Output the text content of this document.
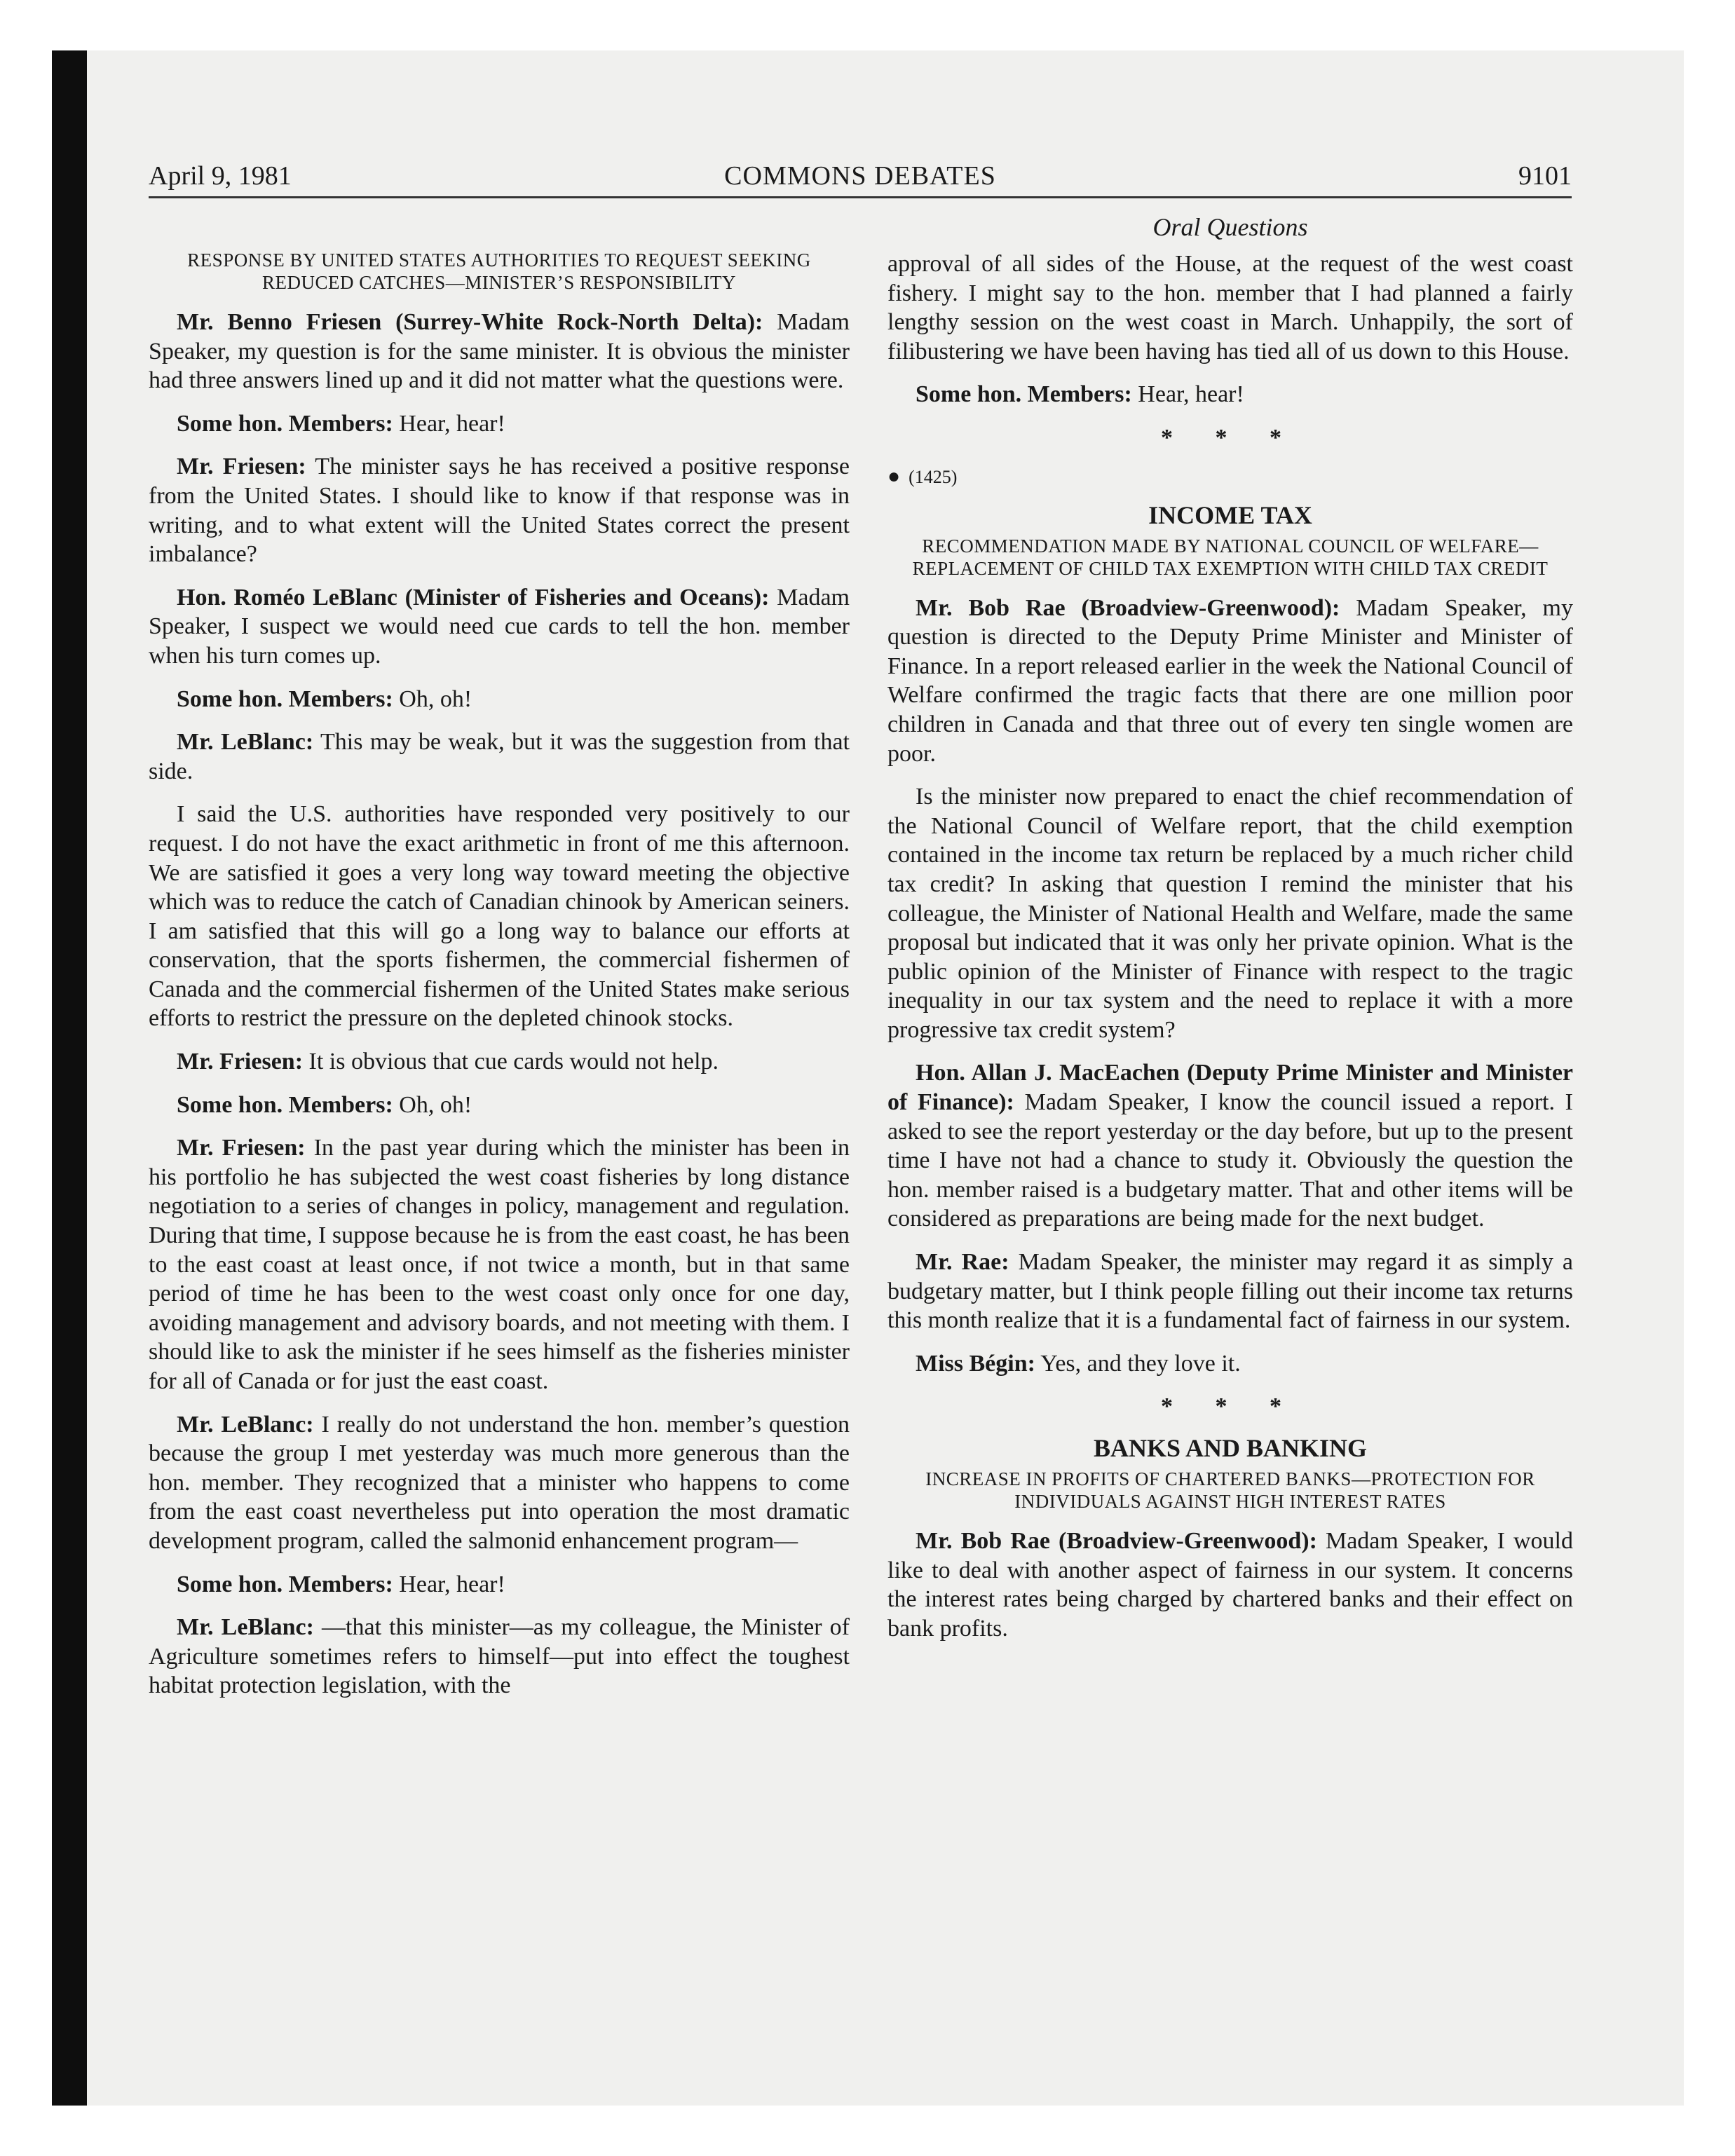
April 9, 1981	COMMONS DEBATES	9101
RESPONSE BY UNITED STATES AUTHORITIES TO REQUEST SEEKING REDUCED CATCHES—MINISTER’S RESPONSIBILITY

Mr. Benno Friesen (Surrey-White Rock-North Delta): Madam Speaker, my question is for the same minister. It is obvious the minister had three answers lined up and it did not matter what the questions were.

Some hon. Members: Hear, hear!

Mr. Friesen: The minister says he has received a positive response from the United States. I should like to know if that response was in writing, and to what extent will the United States correct the present imbalance?

Hon. Roméo LeBlanc (Minister of Fisheries and Oceans): Madam Speaker, I suspect we would need cue cards to tell the hon. member when his turn comes up.

Some hon. Members: Oh, oh!

Mr. LeBlanc: This may be weak, but it was the suggestion from that side.

I said the U.S. authorities have responded very positively to our request. I do not have the exact arithmetic in front of me this afternoon. We are satisfied it goes a very long way toward meeting the objective which was to reduce the catch of Canadian chinook by American seiners. I am satisfied that this will go a long way to balance our efforts at conservation, that the sports fishermen, the commercial fishermen of Canada and the commercial fishermen of the United States make serious efforts to restrict the pressure on the depleted chinook stocks.

Mr. Friesen: It is obvious that cue cards would not help.

Some hon. Members: Oh, oh!

Mr. Friesen: In the past year during which the minister has been in his portfolio he has subjected the west coast fisheries by long distance negotiation to a series of changes in policy, management and regulation. During that time, I suppose because he is from the east coast, he has been to the east coast at least once, if not twice a month, but in that same period of time he has been to the west coast only once for one day, avoiding management and advisory boards, and not meeting with them. I should like to ask the minister if he sees himself as the fisheries minister for all of Canada or for just the east coast.

Mr. LeBlanc: I really do not understand the hon. member’s question because the group I met yesterday was much more generous than the hon. member. They recognized that a minister who happens to come from the east coast nevertheless put into operation the most dramatic development program, called the salmonid enhancement program—

Some hon. Members: Hear, hear!

Mr. LeBlanc: —that this minister—as my colleague, the Minister of Agriculture sometimes refers to himself—put into effect the toughest habitat protection legislation, with the

Oral Questions

approval of all sides of the House, at the request of the west coast fishery. I might say to the hon. member that I had planned a fairly lengthy session on the west coast in March. Unhappily, the sort of filibustering we have been having has tied all of us down to this House.

Some hon. Members: Hear, hear!

* * *
● (1425)
INCOME TAX
RECOMMENDATION MADE BY NATIONAL COUNCIL OF WELFARE—REPLACEMENT OF CHILD TAX EXEMPTION WITH CHILD TAX CREDIT

Mr. Bob Rae (Broadview-Greenwood): Madam Speaker, my question is directed to the Deputy Prime Minister and Minister of Finance. In a report released earlier in the week the National Council of Welfare confirmed the tragic facts that there are one million poor children in Canada and that three out of every ten single women are poor.

Is the minister now prepared to enact the chief recommendation of the National Council of Welfare report, that the child exemption contained in the income tax return be replaced by a much richer child tax credit? In asking that question I remind the minister that his colleague, the Minister of National Health and Welfare, made the same proposal but indicated that it was only her private opinion. What is the public opinion of the Minister of Finance with respect to the tragic inequality in our tax system and the need to replace it with a more progressive tax credit system?

Hon. Allan J. MacEachen (Deputy Prime Minister and Minister of Finance): Madam Speaker, I know the council issued a report. I asked to see the report yesterday or the day before, but up to the present time I have not had a chance to study it. Obviously the question the hon. member raised is a budgetary matter. That and other items will be considered as preparations are being made for the next budget.

Mr. Rae: Madam Speaker, the minister may regard it as simply a budgetary matter, but I think people filling out their income tax returns this month realize that it is a fundamental fact of fairness in our system.

Miss Bégin: Yes, and they love it.

* * *
BANKS AND BANKING
INCREASE IN PROFITS OF CHARTERED BANKS—PROTECTION FOR INDIVIDUALS AGAINST HIGH INTEREST RATES

Mr. Bob Rae (Broadview-Greenwood): Madam Speaker, I would like to deal with another aspect of fairness in our system. It concerns the interest rates being charged by chartered banks and their effect on bank profits.
